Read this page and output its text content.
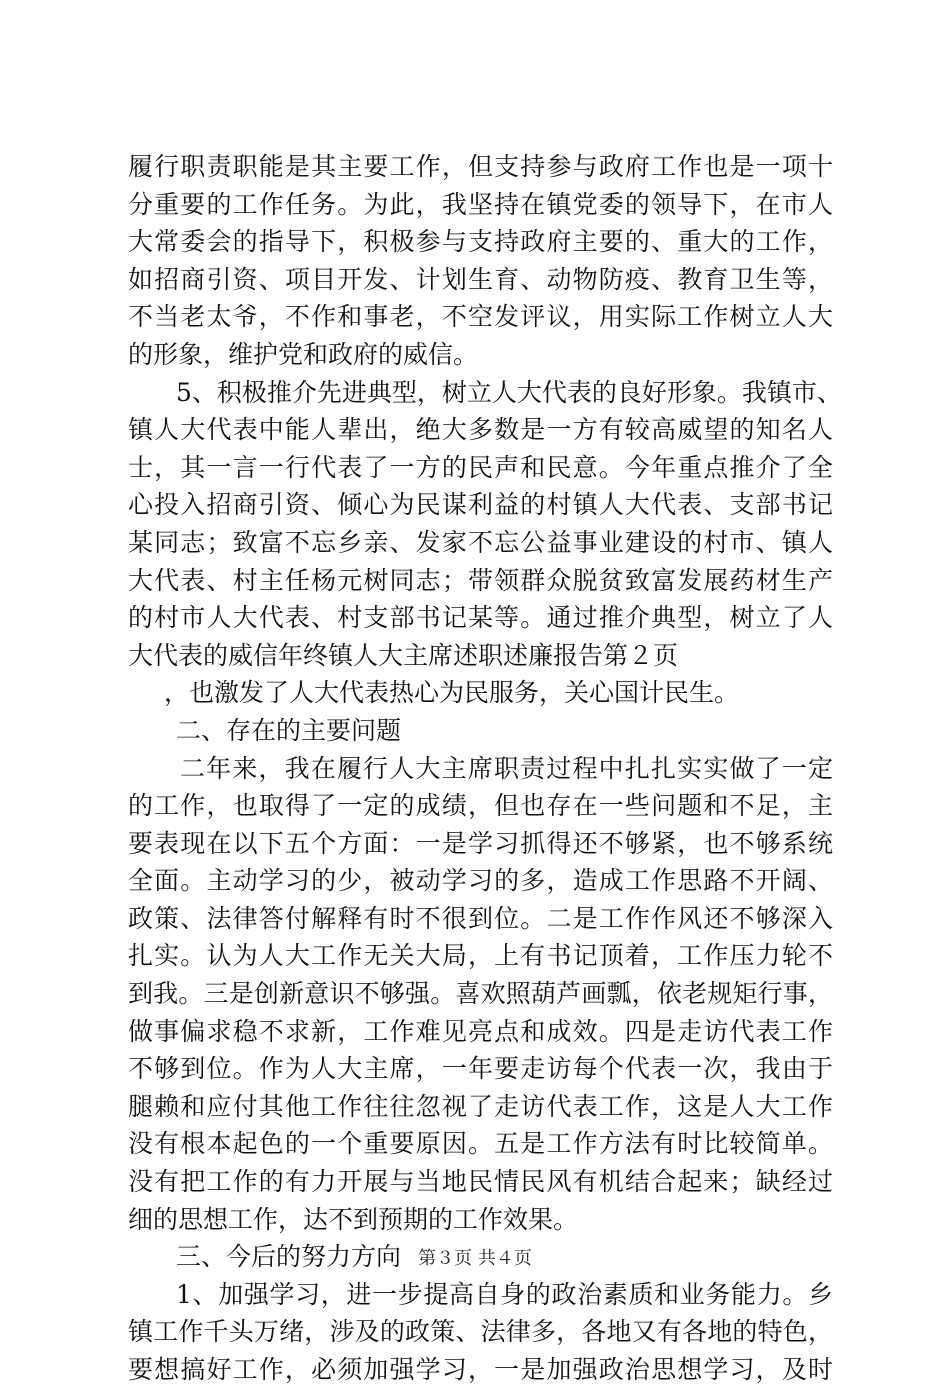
履行职责职能是其主要工作，但支持参与政府工作也是一项十
分重要的工作任务。为此，我坚持在镇党委的领导下，在市人
大常委会的指导下，积极参与支持政府主要的、重大的工作，
如招商引资、项目开发、计划生育、动物防疫、教育卫生等，
不当老太爷，不作和事老，不空发评议，用实际工作树立人大
的形象，维护党和政府的威信。
5、积极推介先进典型，树立人大代表的良好形象。我镇市、
镇人大代表中能人辈出，绝大多数是一方有较高威望的知名人
士，其一言一行代表了一方的民声和民意。今年重点推介了全
心投入招商引资、倾心为民谋利益的村镇人大代表、支部书记
某同志；致富不忘乡亲、发家不忘公益事业建设的村市、镇人
大代表、村主任杨元树同志；带领群众脱贫致富发展药材生产
的村市人大代表、村支部书记某等。通过推介典型，树立了人
大代表的威信年终镇人大主席述职述廉报告第２页
，也激发了人大代表热心为民服务，关心国计民生。
二、存在的主要问题
二年来，我在履行人大主席职责过程中扎扎实实做了一定
的工作，也取得了一定的成绩，但也存在一些问题和不足，主
要表现在以下五个方面：一是学习抓得还不够紧，也不够系统
全面。主动学习的少，被动学习的多，造成工作思路不开阔、
政策、法律答付解释有时不很到位。二是工作作风还不够深入
扎实。认为人大工作无关大局，上有书记顶着，工作压力轮不
到我。三是创新意识不够强。喜欢照葫芦画瓢，依老规矩行事，
做事偏求稳不求新，工作难见亮点和成效。四是走访代表工作
不够到位。作为人大主席，一年要走访每个代表一次，我由于
腿赖和应付其他工作往往忽视了走访代表工作，这是人大工作
没有根本起色的一个重要原因。五是工作方法有时比较简单。
没有把工作的有力开展与当地民情民风有机结合起来；缺经过
细的思想工作，达不到预期的工作效果。
三、今后的努力方向
1、加强学习，进一步提高自身的政治素质和业务能力。乡
镇工作千头万绪，涉及的政策、法律多，各地又有各地的特色，
要想搞好工作，必须加强学习，一是加强政治思想学习，及时
第３页 共４页
